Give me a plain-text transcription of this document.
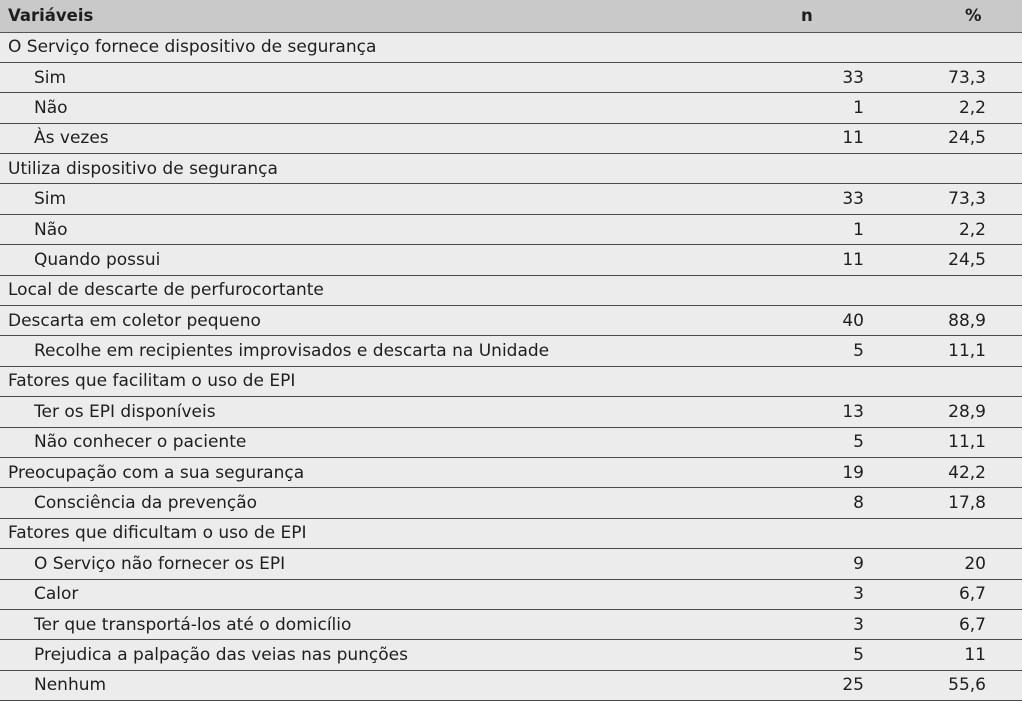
Variáveis	n	%
O Serviço fornece dispositivo de segurança		
Sim	33	73,3
Não	1	2,2
Às vezes	11	24,5
Utiliza dispositivo de segurança		
Sim	33	73,3
Não	1	2,2
Quando possui	11	24,5
Local de descarte de perfurocortante		
Descarta em coletor pequeno	40	88,9
Recolhe em recipientes improvisados e descarta na Unidade	5	11,1
Fatores que facilitam o uso de EPI		
Ter os EPI disponíveis	13	28,9
Não conhecer o paciente	5	11,1
Preocupação com a sua segurança	19	42,2
Consciência da prevenção	8	17,8
Fatores que dificultam o uso de EPI		
O Serviço não fornecer os EPI	9	20
Calor	3	6,7
Ter que transportá-los até o domicílio	3	6,7
Prejudica a palpação das veias nas punções	5	11
Nenhum	25	55,6
